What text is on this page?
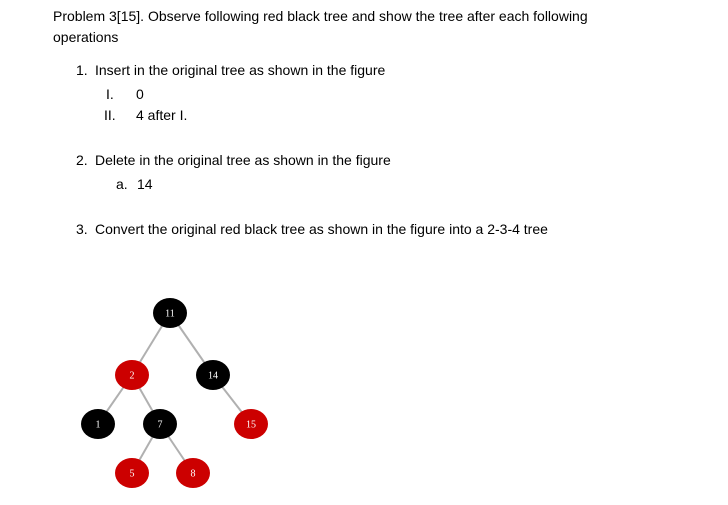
Problem 3[15]. Observe following red black tree and show the tree after each following operations
1. Insert in the original tree as shown in the figure
I. 0
II. 4 after I.
2. Delete in the original tree as shown in the figure
a. 14
3. Convert the original red black tree as shown in the figure into a 2-3-4 tree
11
2	14
1	7	15
5	8
